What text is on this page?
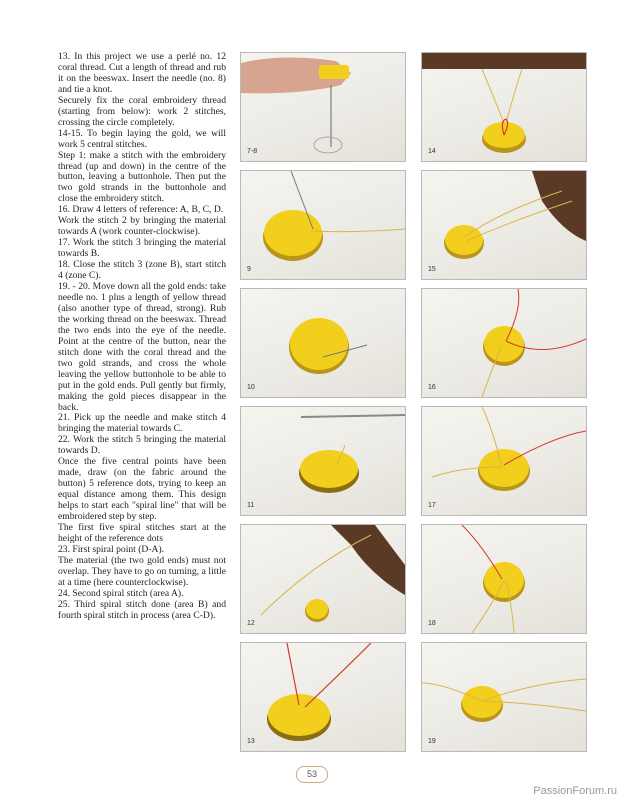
13. In this project we use a perlé no. 12 coral thread. Cut a length of thread and rub it on the beeswax. Insert the needle (no. 8) and tie a knot.

Securely fix the coral embroidery thread (starting from below): work 2 stitches, crossing the circle completely.

14-15. To begin laying the gold, we will work 5 central stitches.

Step 1: make a stitch with the embroidery thread (up and down) in the centre of the button, leaving a buttonhole. Then put the two gold strands in the buttonhole and close the embroidery stitch.

16. Draw 4 letters of reference: A, B, C, D.

Work the stitch 2 by bringing the material towards A (work counter-clockwise).

17. Work the stitch 3 bringing the material towards B.

18. Close the stitch 3 (zone B), start stitch 4 (zone C).

19. - 20. Move down all the gold ends: take needle no. 1 plus a length of yellow thread (also another type of thread, strong). Rub the working thread on the beeswax. Thread the two ends into the eye of the needle. Point at the centre of the button, near the stitch done with the coral thread and the two gold strands, and cross the whole leaving the yellow buttonhole to be able to put in the gold ends. Pull gently but firmly, making the gold pieces disappear in the back.

21. Pick up the needle and make stitch 4 bringing the material towards C.

22. Work the stitch 5 bringing the material towards D.

Once the five central points have been made, draw (on the fabric around the button) 5 reference dots, trying to keep an equal distance among them. This design helps to start each "spiral line" that will be embroidered step by step.

The first five spiral stitches start at the height of the reference dots

23. First spiral point (D-A).

The material (the two gold ends) must not overlap. They have to go on turning, a little at a time (here counterclockwise).

24. Second spiral stitch (area A).

25. Third spiral stitch done (area B) and fourth spiral stitch in process (area C-D).

7-8	14
9	15
10	16
11	17
12	18
13	19
53
PassionForum.ru
